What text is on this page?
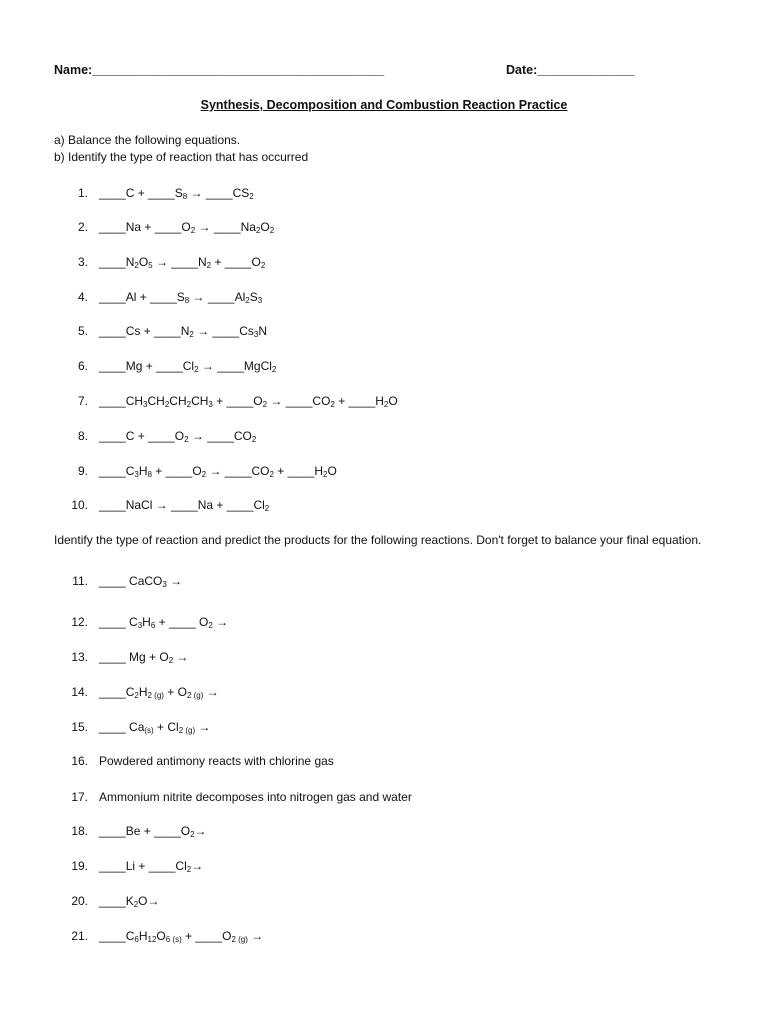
Name:__________________________________________	Date:______________
Synthesis, Decomposition and Combustion Reaction Practice
a) Balance the following equations.
b) Identify the type of reaction that has occurred
1. ____C + $\_\_\_\_S_8$ → $\_\_\_\_CS_2$
2. ____Na + $\_\_\_\_O_2$ → $\_\_\_\_Na_2O_2$
3. $\_\_\_\_N_2O_5$ → $\_\_\_\_N_2$ + $\_\_\_\_O_2$
4. ____Al + $\_\_\_\_S_8$ → $\_\_\_\_Al_2S_3$
5. ____Cs + $\_\_\_\_N_2$ → $\_\_\_\_Cs_3N$
6. ____Mg + $\_\_\_\_Cl_2$ → ____MgCl$_2$
7. $\_\_\_\_CH_3CH_2CH_2CH_3$ + $\_\_\_\_O_2$ → $\_\_\_\_CO_2$ + $\_\_\_\_H_2O$
8. ____C + $\_\_\_\_O_2$ → $\_\_\_\_CO_2$
9. $\_\_\_\_C_3H_8$ + $\_\_\_\_O_2$ → $\_\_\_\_CO_2$ + $\_\_\_\_H_2O$
10. ____NaCl → ____Na + $\_\_\_\_Cl_2$
Identify the type of reaction and predict the products for the following reactions. Don't forget to balance your final equation.
11. ____ CaCO$_3$ →
12. ____ $C_3H_6$ + ____ $O_2$ →
13. ____ $Mg + O_2$ →
14. $\_\_\_\_C_2H_{2 (g)} + O_{2 (g)}$ →
15. ____ $Ca_{(s)} + Cl_{2 (g)}$ →
16. Powdered antimony reacts with chlorine gas
17. Ammonium nitrite decomposes into nitrogen gas and water
18. ____Be + $\_\_\_\_O_2\to$
19. ____Li + $\_\_\_\_Cl_2\to$
20. $\_\_\_\_K_2O\to$
21. $\_\_\_\_C_6H_{12}O_{6 (s)}$ + $\_\_\_\_O_{2 (g)}$ →
